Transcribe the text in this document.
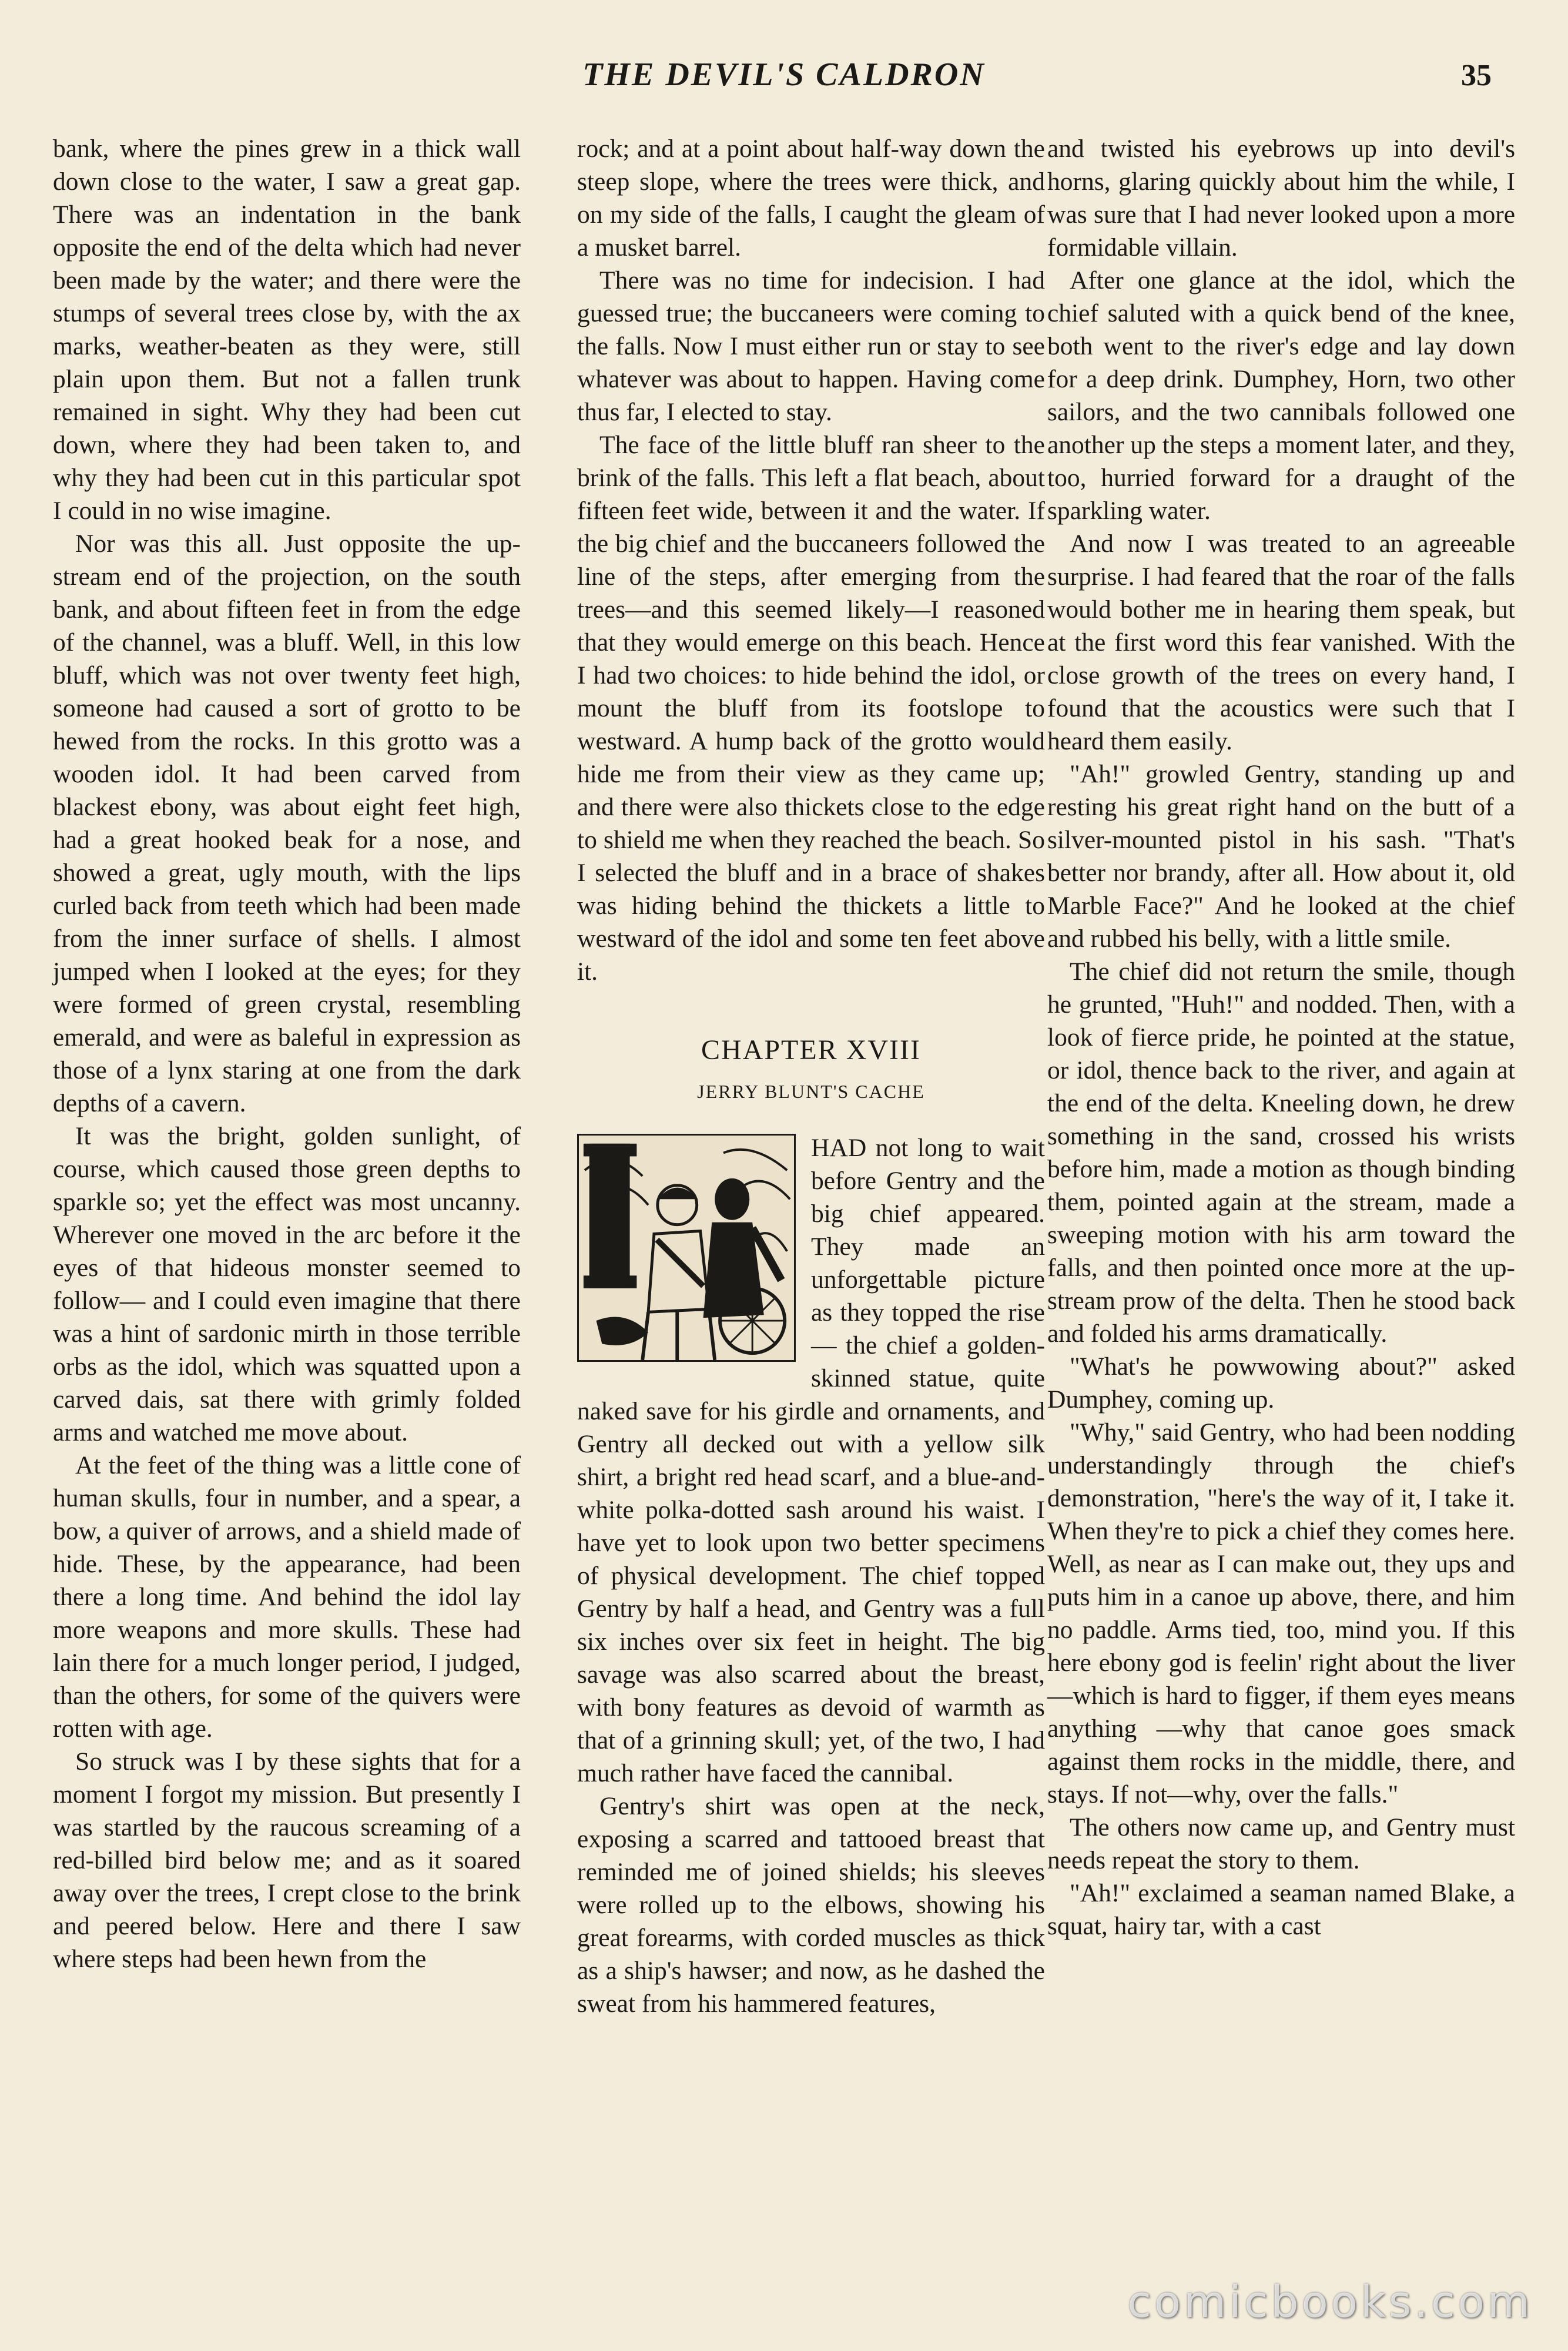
THE DEVIL'S CALDRON	35

bank, where the pines grew in a thick wall down close to the water, I saw a great gap. There was an indentation in the bank opposite the end of the delta which had never been made by the water; and there were the stumps of several trees close by, with the ax marks, weather-beaten as they were, still plain upon them. But not a fallen trunk remained in sight. Why they had been cut down, where they had been taken to, and why they had been cut in this particular spot I could in no wise imagine.

Nor was this all. Just opposite the up-stream end of the projection, on the south bank, and about fifteen feet in from the edge of the channel, was a bluff. Well, in this low bluff, which was not over twenty feet high, someone had caused a sort of grotto to be hewed from the rocks. In this grotto was a wooden idol. It had been carved from blackest ebony, was about eight feet high, had a great hooked beak for a nose, and showed a great, ugly mouth, with the lips curled back from teeth which had been made from the inner surface of shells. I almost jumped when I looked at the eyes; for they were formed of green crystal, resembling emerald, and were as baleful in expression as those of a lynx staring at one from the dark depths of a cavern.

It was the bright, golden sunlight, of course, which caused those green depths to sparkle so; yet the effect was most uncanny. Wherever one moved in the arc before it the eyes of that hideous monster seemed to follow— and I could even imagine that there was a hint of sardonic mirth in those terrible orbs as the idol, which was squatted upon a carved dais, sat there with grimly folded arms and watched me move about.

At the feet of the thing was a little cone of human skulls, four in number, and a spear, a bow, a quiver of arrows, and a shield made of hide. These, by the appearance, had been there a long time. And behind the idol lay more weapons and more skulls. These had lain there for a much longer period, I judged, than the others, for some of the quivers were rotten with age.

So struck was I by these sights that for a moment I forgot my mission. But presently I was startled by the raucous screaming of a red-billed bird below me; and as it soared away over the trees, I crept close to the brink and peered below. Here and there I saw where steps had been hewn from the

rock; and at a point about half-way down the steep slope, where the trees were thick, and on my side of the falls, I caught the gleam of a musket barrel.

There was no time for indecision. I had guessed true; the buccaneers were coming to the falls. Now I must either run or stay to see whatever was about to happen. Having come thus far, I elected to stay.

The face of the little bluff ran sheer to the brink of the falls. This left a flat beach, about fifteen feet wide, between it and the water. If the big chief and the buccaneers followed the line of the steps, after emerging from the trees—and this seemed likely—I reasoned that they would emerge on this beach. Hence I had two choices: to hide behind the idol, or mount the bluff from its footslope to westward. A hump back of the grotto would hide me from their view as they came up; and there were also thickets close to the edge to shield me when they reached the beach. So I selected the bluff and in a brace of shakes was hiding behind the thickets a little to westward of the idol and some ten feet above it.

CHAPTER XVIII
JERRY BLUNT'S CACHE

HAD not long to wait before Gentry and the big chief appeared. They made an unforgettable picture as they topped the rise— the chief a golden-skinned statue, quite naked save for his girdle and ornaments, and Gentry all decked out with a yellow silk shirt, a bright red head scarf, and a blue-and-white polka-dotted sash around his waist. I have yet to look upon two better specimens of physical development. The chief topped Gentry by half a head, and Gentry was a full six inches over six feet in height. The big savage was also scarred about the breast, with bony features as devoid of warmth as that of a grinning skull; yet, of the two, I had much rather have faced the cannibal.

Gentry's shirt was open at the neck, exposing a scarred and tattooed breast that reminded me of joined shields; his sleeves were rolled up to the elbows, showing his great forearms, with corded muscles as thick as a ship's hawser; and now, as he dashed the sweat from his hammered features,

and twisted his eyebrows up into devil's horns, glaring quickly about him the while, I was sure that I had never looked upon a more formidable villain.

After one glance at the idol, which the chief saluted with a quick bend of the knee, both went to the river's edge and lay down for a deep drink. Dumphey, Horn, two other sailors, and the two cannibals followed one another up the steps a moment later, and they, too, hurried forward for a draught of the sparkling water.

And now I was treated to an agreeable surprise. I had feared that the roar of the falls would bother me in hearing them speak, but at the first word this fear vanished. With the close growth of the trees on every hand, I found that the acoustics were such that I heard them easily.

"Ah!" growled Gentry, standing up and resting his great right hand on the butt of a silver-mounted pistol in his sash. "That's better nor brandy, after all. How about it, old Marble Face?" And he looked at the chief and rubbed his belly, with a little smile.

The chief did not return the smile, though he grunted, "Huh!" and nodded. Then, with a look of fierce pride, he pointed at the statue, or idol, thence back to the river, and again at the end of the delta. Kneeling down, he drew something in the sand, crossed his wrists before him, made a motion as though binding them, pointed again at the stream, made a sweeping motion with his arm toward the falls, and then pointed once more at the up-stream prow of the delta. Then he stood back and folded his arms dramatically.

"What's he powwowing about?" asked Dumphey, coming up.

"Why," said Gentry, who had been nodding understandingly through the chief's demonstration, "here's the way of it, I take it. When they're to pick a chief they comes here. Well, as near as I can make out, they ups and puts him in a canoe up above, there, and him no paddle. Arms tied, too, mind you. If this here ebony god is feelin' right about the liver—which is hard to figger, if them eyes means anything —why that canoe goes smack against them rocks in the middle, there, and stays. If not—why, over the falls."

The others now came up, and Gentry must needs repeat the story to them.

"Ah!" exclaimed a seaman named Blake, a squat, hairy tar, with a cast

comicbooks.com
